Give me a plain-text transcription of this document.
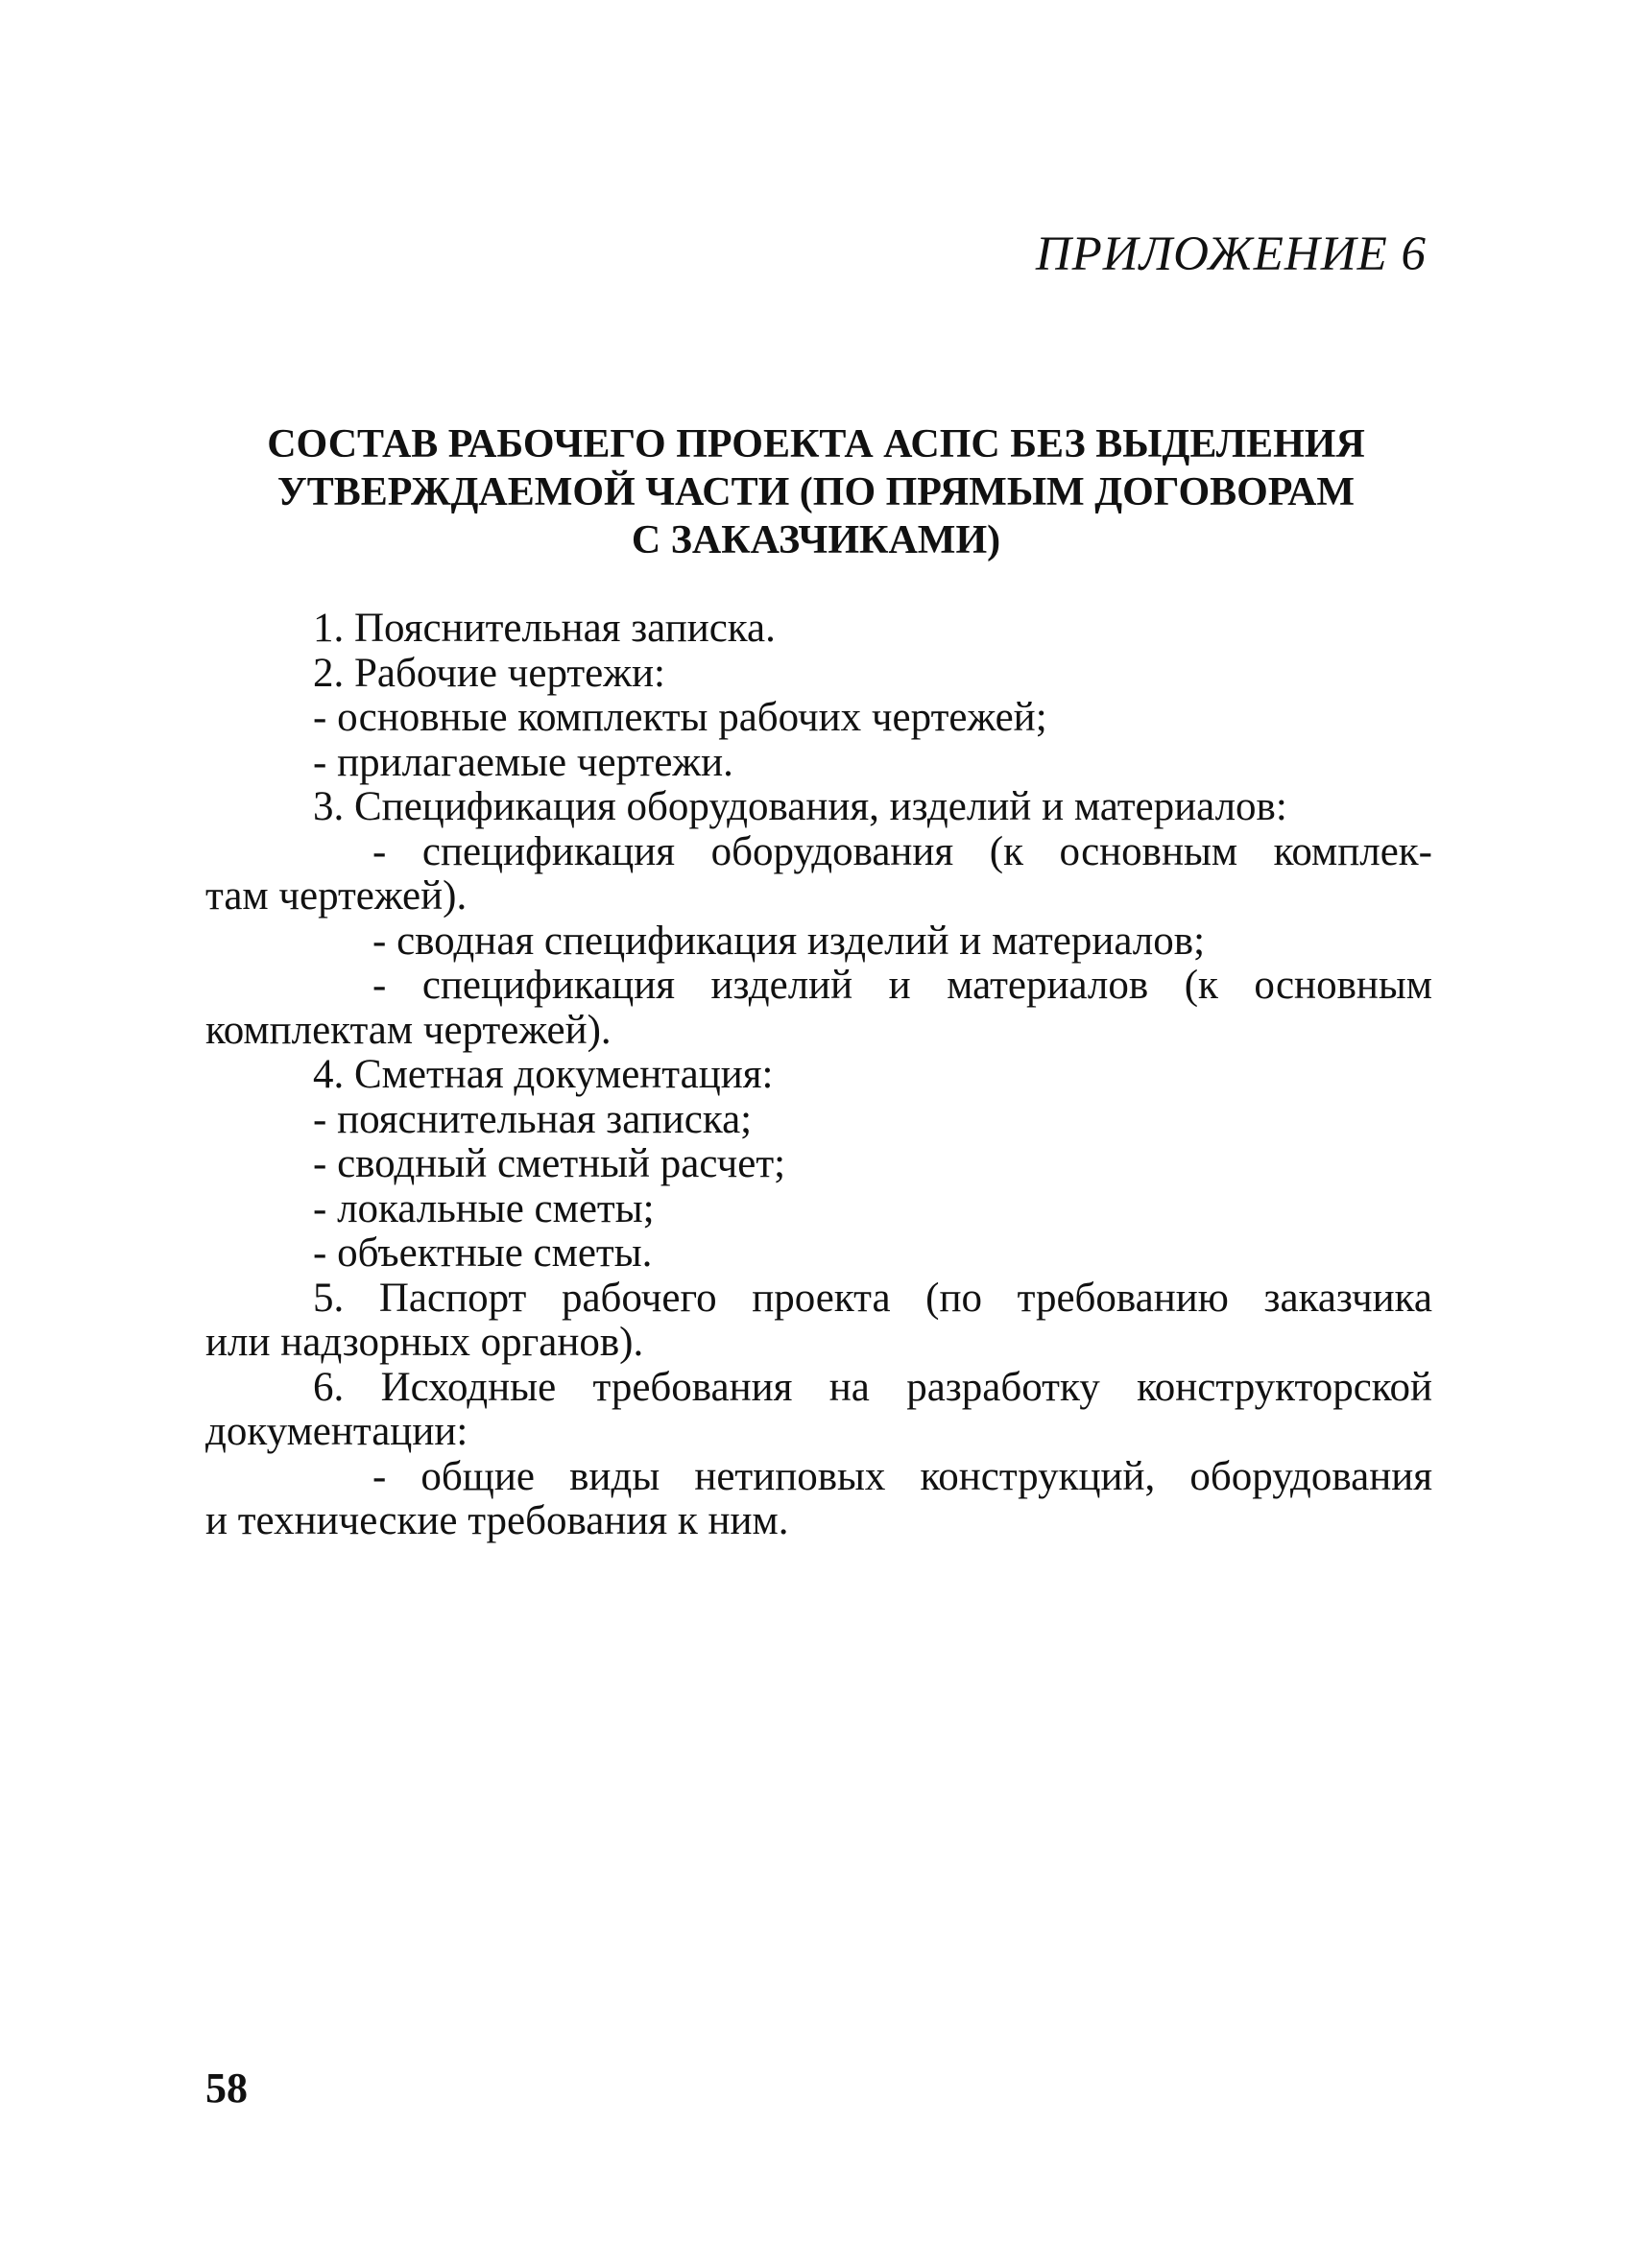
ПРИЛОЖЕНИЕ 6
СОСТАВ РАБОЧЕГО ПРОЕКТА АСПС БЕЗ ВЫДЕЛЕНИЯ
УТВЕРЖДАЕМОЙ ЧАСТИ (ПО ПРЯМЫМ ДОГОВОРАМ
С ЗАКАЗЧИКАМИ)
1. Пояснительная записка.
2. Рабочие чертежи:
- основные комплекты рабочих чертежей;
- прилагаемые чертежи.
3. Спецификация оборудования, изделий и материалов:
- спецификация оборудования (к основным комплек-
там чертежей).
- сводная спецификация изделий и материалов;
- спецификация изделий и материалов (к основным
комплектам чертежей).
4. Сметная документация:
- пояснительная записка;
- сводный сметный расчет;
- локальные сметы;
- объектные сметы.
5. Паспорт рабочего проекта (по требованию заказчика
или надзорных органов).
6. Исходные требования на разработку конструкторской
документации:
- общие виды нетиповых конструкций, оборудования
и технические требования к ним.
58
